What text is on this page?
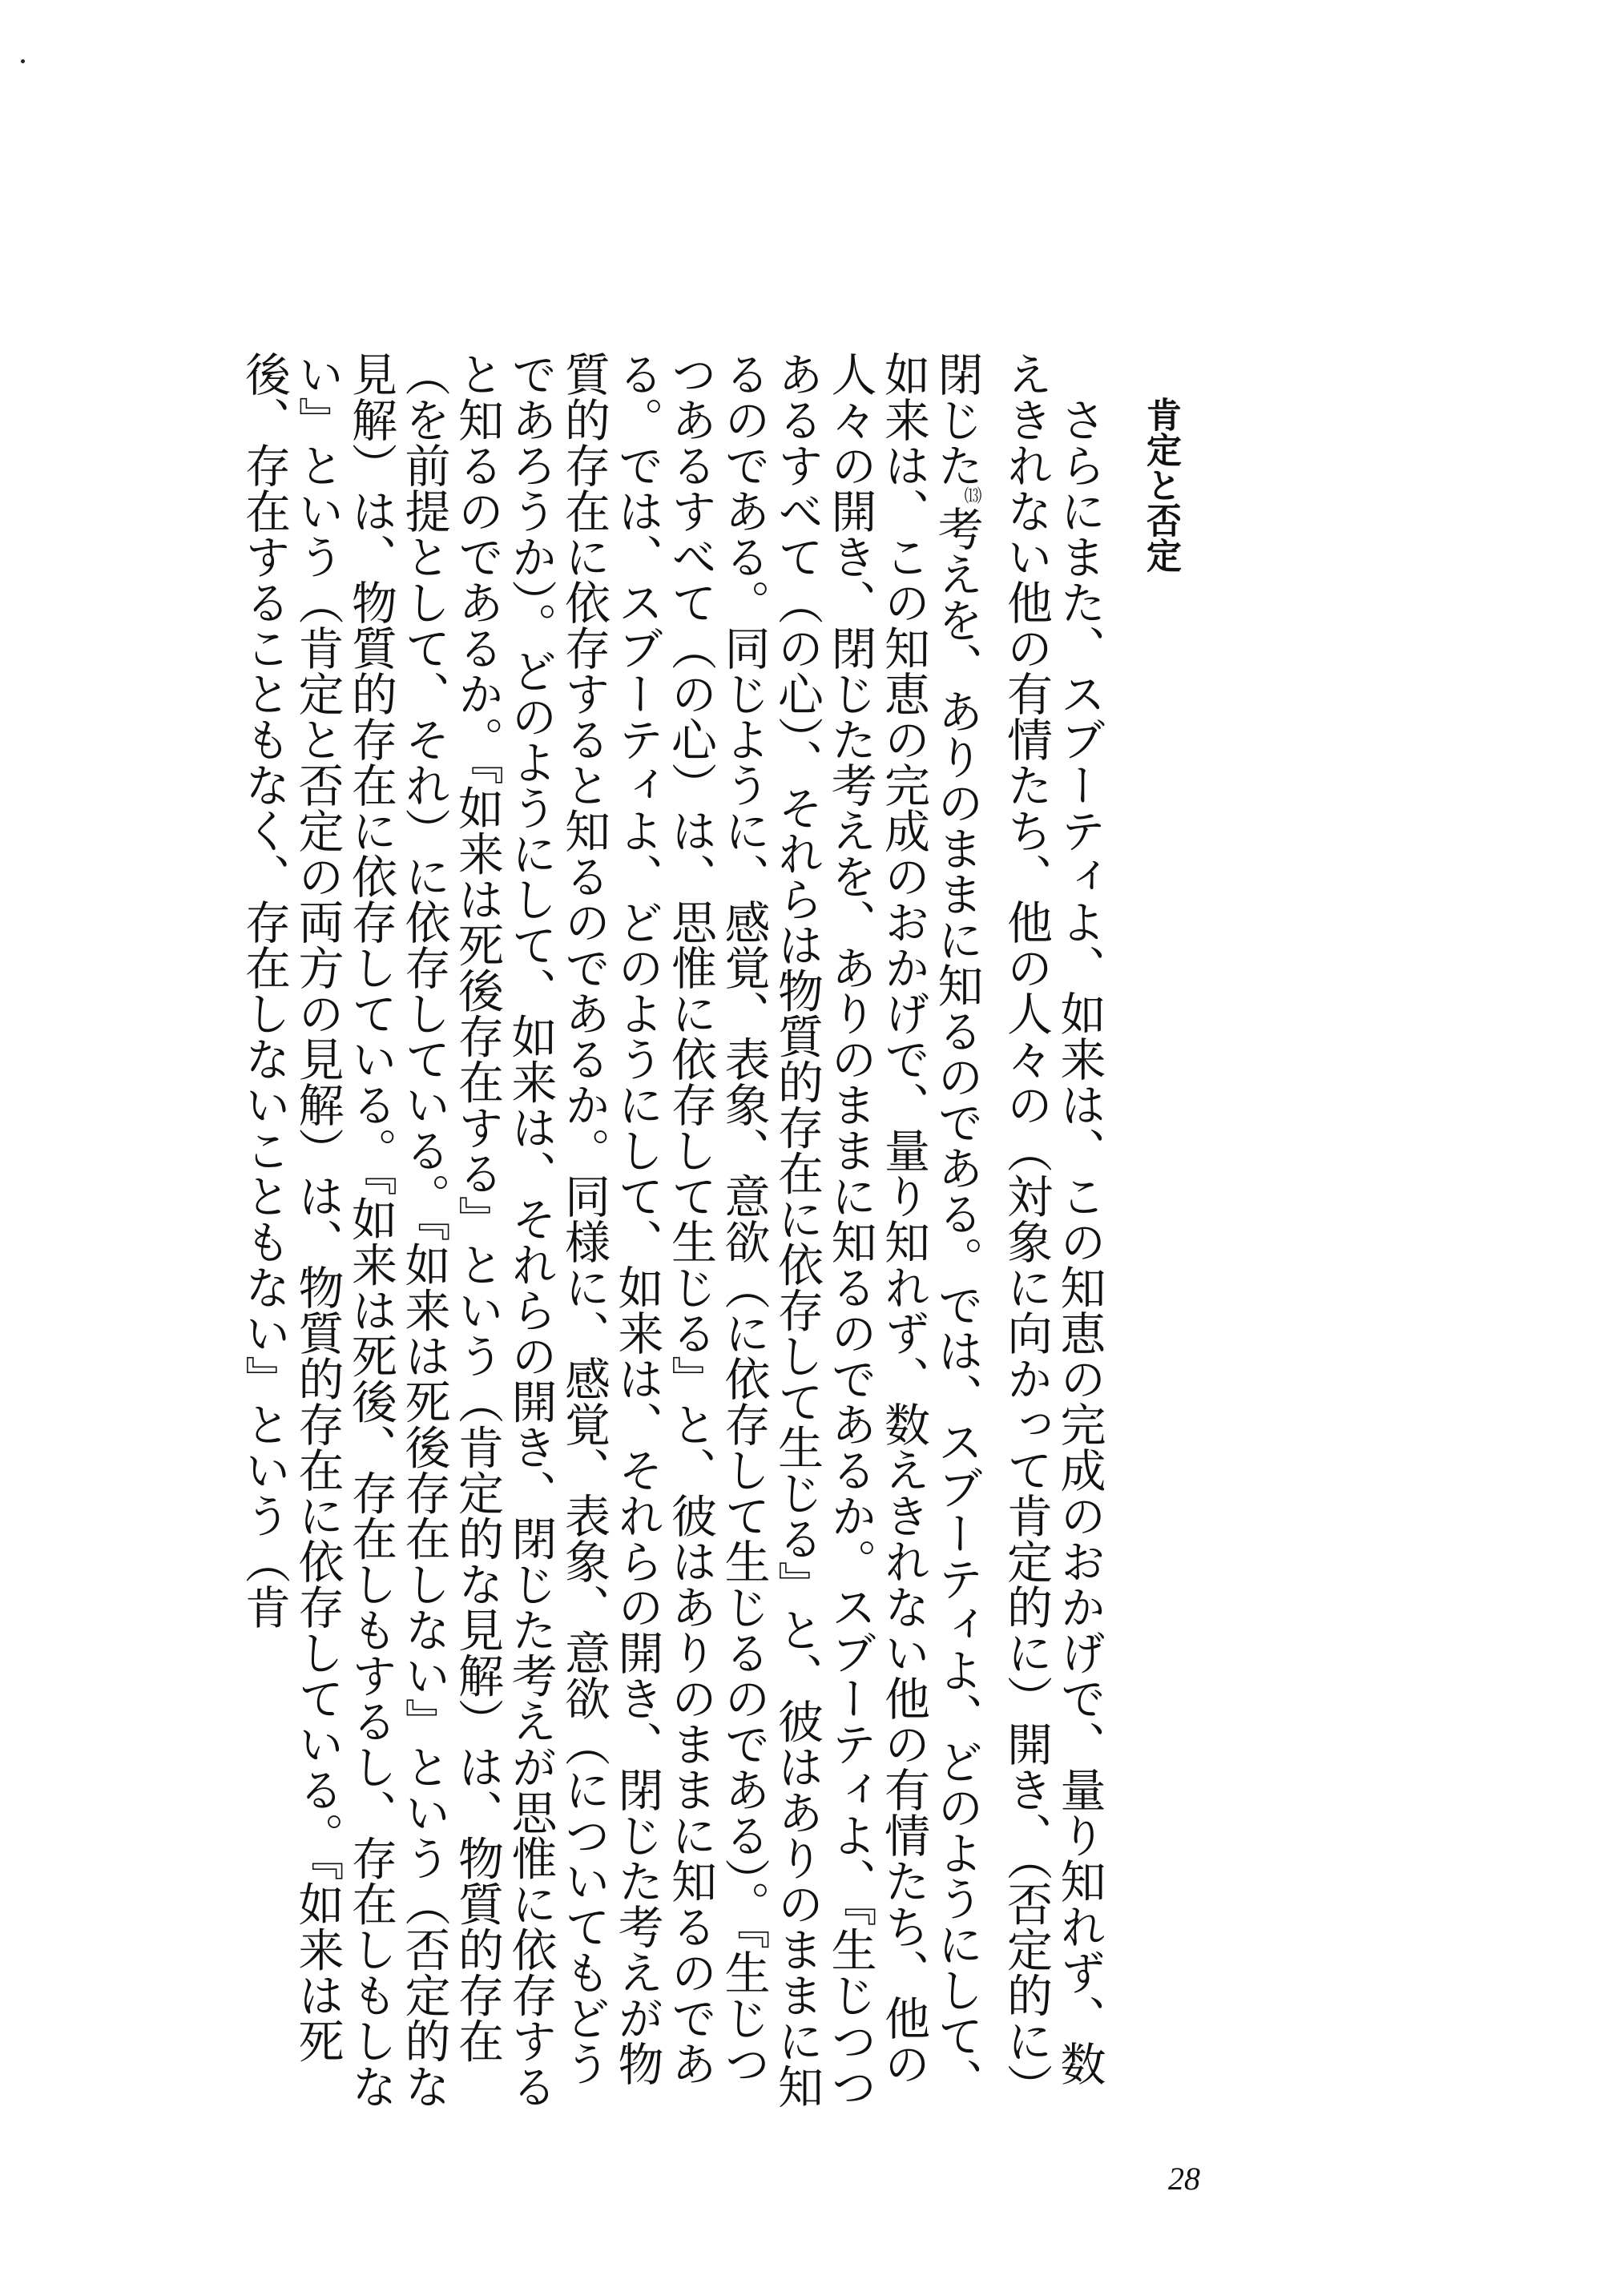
肯定と否定

さらにまた、スブーティよ、如来は、この知恵の完成のおかげで、量り知れず、数えきれない他の有情たち、他の人々の（対象に向かって肯定的に）開き、（否定的に）閉じた⒀考えを、ありのままに知るのである。では、スブーティよ、どのようにして、如来は、この知恵の完成のおかげで、量り知れず、数えきれない他の有情たち、他の人々の開き、閉じた考えを、ありのままに知るのであるか。スブーティよ、『生じつつあるすべて（の心）、それらは物質的存在に依存して生じる』と、彼はありのままに知るのである。同じように、感覚、表象、意欲（に依存して生じるのである）。『生じつつあるすべて（の心）は、思惟に依存して生じる』と、彼はありのままに知るのである。では、スブーティよ、どのようにして、如来は、それらの開き、閉じた考えが物質的存在に依存すると知るのであるか。同様に、感覚、表象、意欲（についてもどうであろうか）。どのようにして、如来は、それらの開き、閉じた考えが思惟に依存すると知るのであるか。『如来は死後存在する』という（肯定的な見解）は、物質的存在（を前提として、それ）に依存している。『如来は死後存在しない』という（否定的な見解）は、物質的存在に依存している。『如来は死後、存在しもするし、存在しもしない』という（肯定と否定の両方の見解）は、物質的存在に依存している。『如来は死後、存在することもなく、存在しないこともない』という（肯

28
